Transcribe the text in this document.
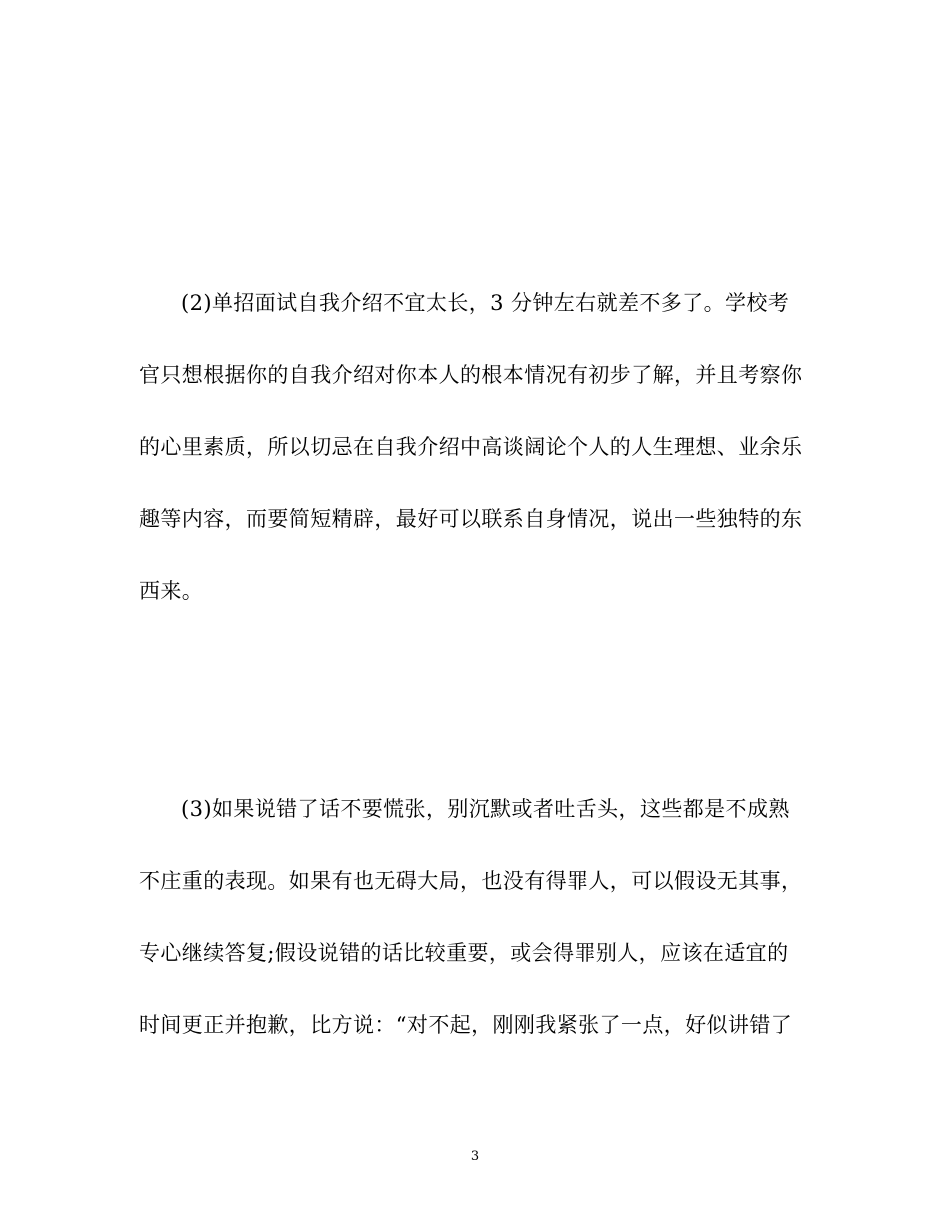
(2)单招面试自我介绍不宜太长，3 分钟左右就差不多了。学校考
官只想根据你的自我介绍对你本人的根本情况有初步了解，并且考察你
的心里素质，所以切忌在自我介绍中高谈阔论个人的人生理想、业余乐
趣等内容，而要简短精辟，最好可以联系自身情况，说出一些独特的东
西来。
(3)如果说错了话不要慌张，别沉默或者吐舌头，这些都是不成熟
不庄重的表现。如果有也无碍大局，也没有得罪人，可以假设无其事，
专心继续答复;假设说错的话比较重要，或会得罪别人，应该在适宜的
时间更正并抱歉，比方说：“对不起，刚刚我紧张了一点，好似讲错了
3
